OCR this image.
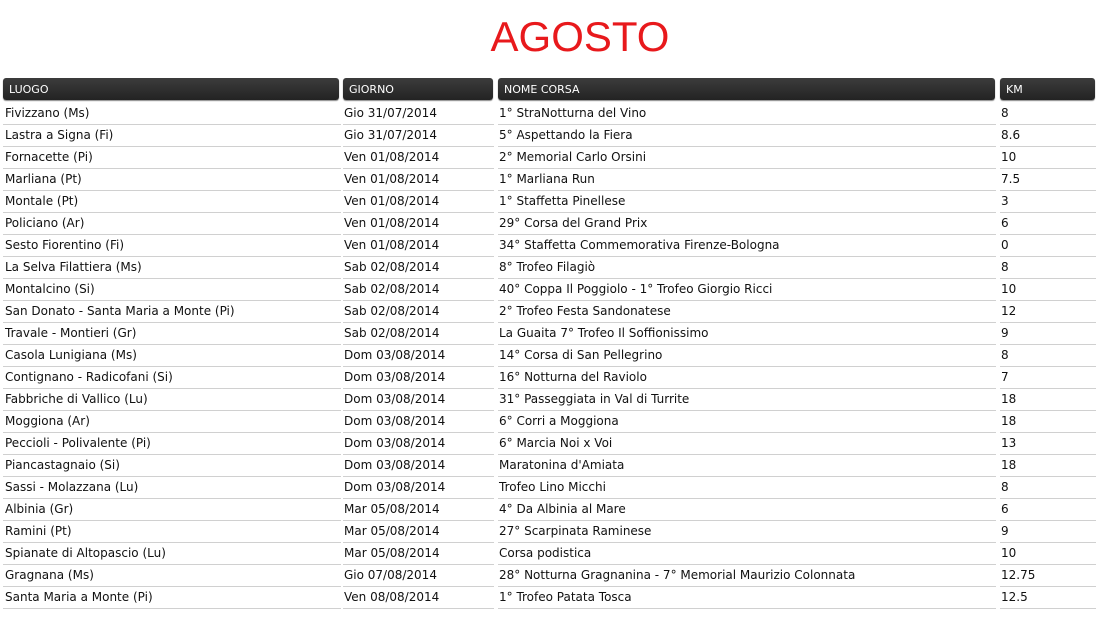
AGOSTO
LUOGO	GIORNO	NOME CORSA	KM
Fivizzano (Ms)	Gio 31/07/2014	1° StraNotturna del Vino	8
Lastra a Signa (Fi)	Gio 31/07/2014	5° Aspettando la Fiera	8.6
Fornacette (Pi)	Ven 01/08/2014	2° Memorial Carlo Orsini	10
Marliana (Pt)	Ven 01/08/2014	1° Marliana Run	7.5
Montale (Pt)	Ven 01/08/2014	1° Staffetta Pinellese	3
Policiano (Ar)	Ven 01/08/2014	29° Corsa del Grand Prix	6
Sesto Fiorentino (Fi)	Ven 01/08/2014	34° Staffetta Commemorativa Firenze-Bologna	0
La Selva Filattiera (Ms)	Sab 02/08/2014	8° Trofeo Filagiò	8
Montalcino (Si)	Sab 02/08/2014	40° Coppa Il Poggiolo - 1° Trofeo Giorgio Ricci	10
San Donato - Santa Maria a Monte (Pi)	Sab 02/08/2014	2° Trofeo Festa Sandonatese	12
Travale - Montieri (Gr)	Sab 02/08/2014	La Guaita 7° Trofeo Il Soffionissimo	9
Casola Lunigiana (Ms)	Dom 03/08/2014	14° Corsa di San Pellegrino	8
Contignano - Radicofani (Si)	Dom 03/08/2014	16° Notturna del Raviolo	7
Fabbriche di Vallico (Lu)	Dom 03/08/2014	31° Passeggiata in Val di Turrite	18
Moggiona (Ar)	Dom 03/08/2014	6° Corri a Moggiona	18
Peccioli - Polivalente (Pi)	Dom 03/08/2014	6° Marcia Noi x Voi	13
Piancastagnaio (Si)	Dom 03/08/2014	Maratonina d'Amiata	18
Sassi - Molazzana (Lu)	Dom 03/08/2014	Trofeo Lino Micchi	8
Albinia (Gr)	Mar 05/08/2014	4° Da Albinia al Mare	6
Ramini (Pt)	Mar 05/08/2014	27° Scarpinata Raminese	9
Spianate di Altopascio (Lu)	Mar 05/08/2014	Corsa podistica	10
Gragnana (Ms)	Gio 07/08/2014	28° Notturna Gragnanina - 7° Memorial Maurizio Colonnata	12.75
Santa Maria a Monte (Pi)	Ven 08/08/2014	1° Trofeo Patata Tosca	12.5
